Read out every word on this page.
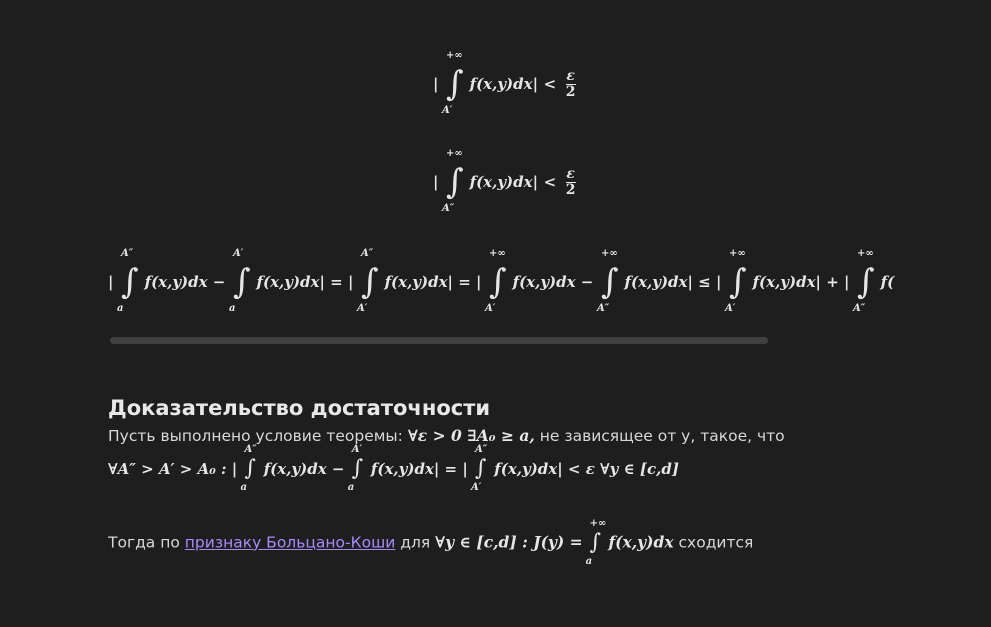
|
+∞
∫
A′
$f(x,y)dx| < \frac{\varepsilon}{2}$
|
+∞
∫
A″
$f(x,y)dx| < \frac{\varepsilon}{2}$
|
A″
∫
a
f(x,y)dx −
A′
∫
a
f(x,y)dx| = |
A″
∫
A′
f(x,y)dx| = |
+∞
∫
A′
f(x,y)dx −
+∞
∫
A″
f(x,y)dx| ≤ |
+∞
∫
A′
f(x,y)dx| + |
+∞
∫
A″
f(
Доказательство достаточности
Пусть выполнено условие теоремы: ∀ε > 0 ∃A₀ ≥ a, не зависящее от y, такое, что
∀A″ > A′ > A₀ : |
A″
∫
a
f(x,y)dx −
A′
∫
a
f(x,y)dx| = |
A″
∫
A′
f(x,y)dx| < ε ∀y ∈ [c,d]
Тогда по признаку Больцано-Коши для ∀y ∈ [c,d] : J(y) =
+∞
∫
a
f(x,y)dx сходится
